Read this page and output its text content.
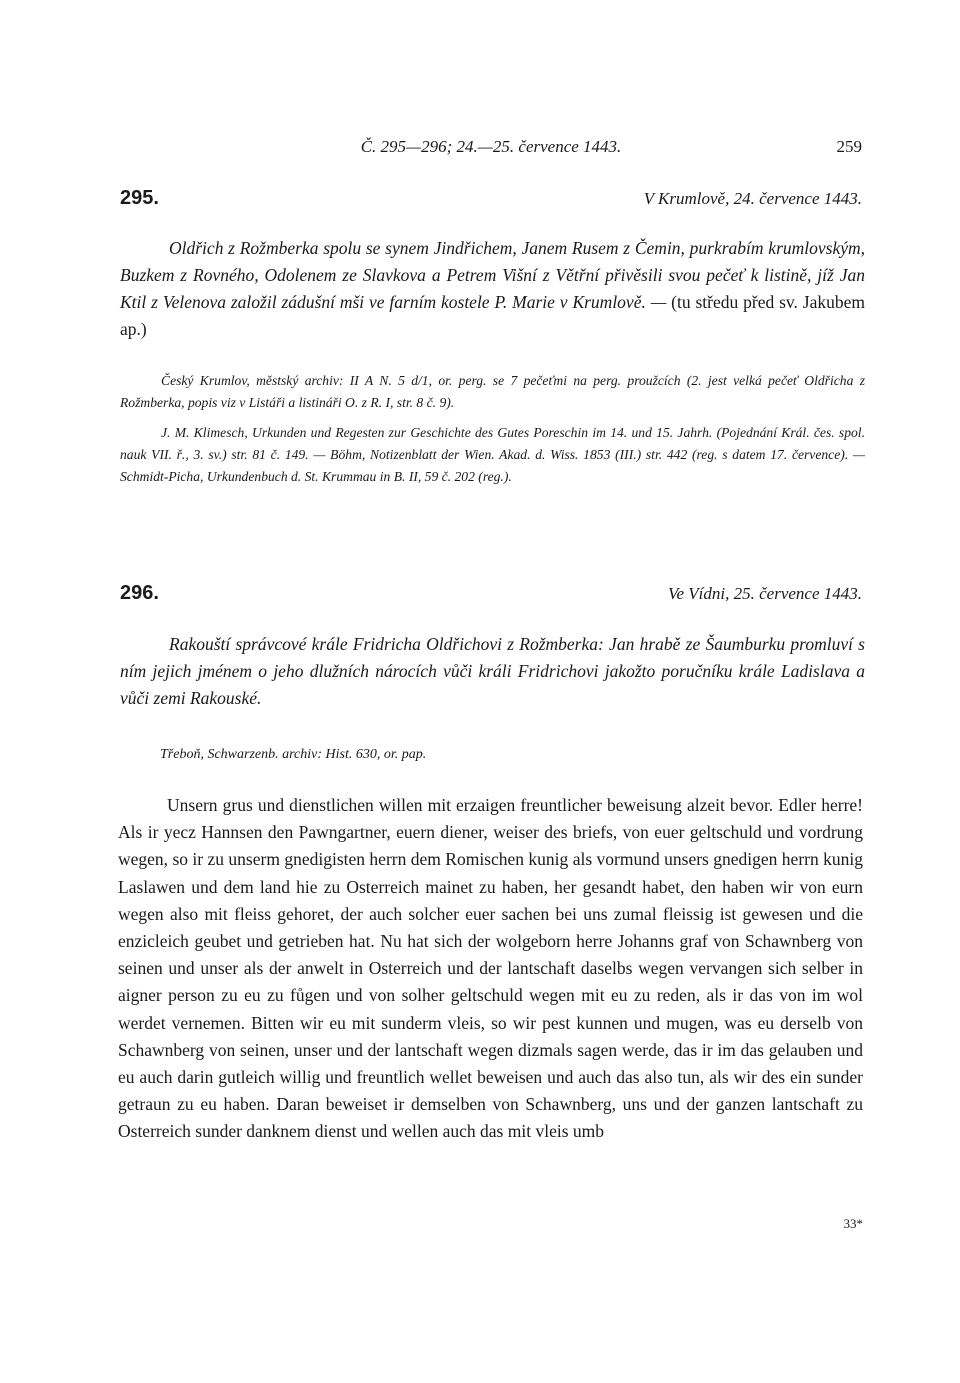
Č. 295—296; 24.—25. července 1443.	259
295.	V Krumlově, 24. července 1443.

Oldřich z Rožmberka spolu se synem Jindřichem, Janem Rusem z Čemin, purkrabím krumlovským, Buzkem z Rovného, Odolenem ze Slavkova a Petrem Višní z Větřní přivěsili svou pečeť k listině, jíž Jan Ktil z Velenova založil zádušní mši ve farním kostele P. Marie v Krumlově. — (tu středu před sv. Jakubem ap.)

Český Krumlov, městský archiv: II A N. 5 d/1, or. perg. se 7 pečeťmi na perg. proužcích (2. jest velká pečeť Oldřicha z Rožmberka, popis viz v Listáři a listináři O. z R. I, str. 8 č. 9).

J. M. Klimesch, Urkunden und Regesten zur Geschichte des Gutes Poreschin im 14. und 15. Jahrh. (Pojednání Král. čes. spol. nauk VII. ř., 3. sv.) str. 81 č. 149. — Böhm, Notizenblatt der Wien. Akad. d. Wiss. 1853 (III.) str. 442 (reg. s datem 17. července). — Schmidt-Picha, Urkundenbuch d. St. Krummau in B. II, 59 č. 202 (reg.).

296.	Ve Vídni, 25. července 1443.

Rakouští správcové krále Fridricha Oldřichovi z Rožmberka: Jan hrabě ze Šaumburku promluví s ním jejich jménem o jeho dlužních nárocích vůči králi Fridrichovi jakožto poručníku krále Ladislava a vůči zemi Rakouské.

Třeboň, Schwarzenb. archiv: Hist. 630, or. pap.

Unsern grus und dienstlichen willen mit erzaigen freuntlicher beweisung alzeit bevor. Edler herre! Als ir yecz Hannsen den Pawngartner, euern diener, weiser des briefs, von euer geltschuld und vordrung wegen, so ir zu unserm gnedigisten herrn dem Romischen kunig als vormund unsers gnedigen herrn kunig Laslawen und dem land hie zu Osterreich mainet zu haben, her gesandt habet, den haben wir von eurn wegen also mit fleiss gehoret, der auch solcher euer sachen bei uns zumal fleissig ist gewesen und die enzicleich geubet und getrieben hat. Nu hat sich der wolgeborn herre Johanns graf von Schawnberg von seinen und unser als der anwelt in Osterreich und der lantschaft daselbs wegen vervangen sich selber in aigner person zu eu zu fůgen und von solher geltschuld wegen mit eu zu reden, als ir das von im wol werdet vernemen. Bitten wir eu mit sunderm vleis, so wir pest kunnen und mugen, was eu derselb von Schawnberg von seinen, unser und der lantschaft wegen dizmals sagen werde, das ir im das gelauben und eu auch darin gutleich willig und freuntlich wellet beweisen und auch das also tun, als wir des ein sunder getraun zu eu haben. Daran beweiset ir demselben von Schawnberg, uns und der ganzen lantschaft zu Osterreich sunder danknem dienst und wellen auch das mit vleis umb

33*
